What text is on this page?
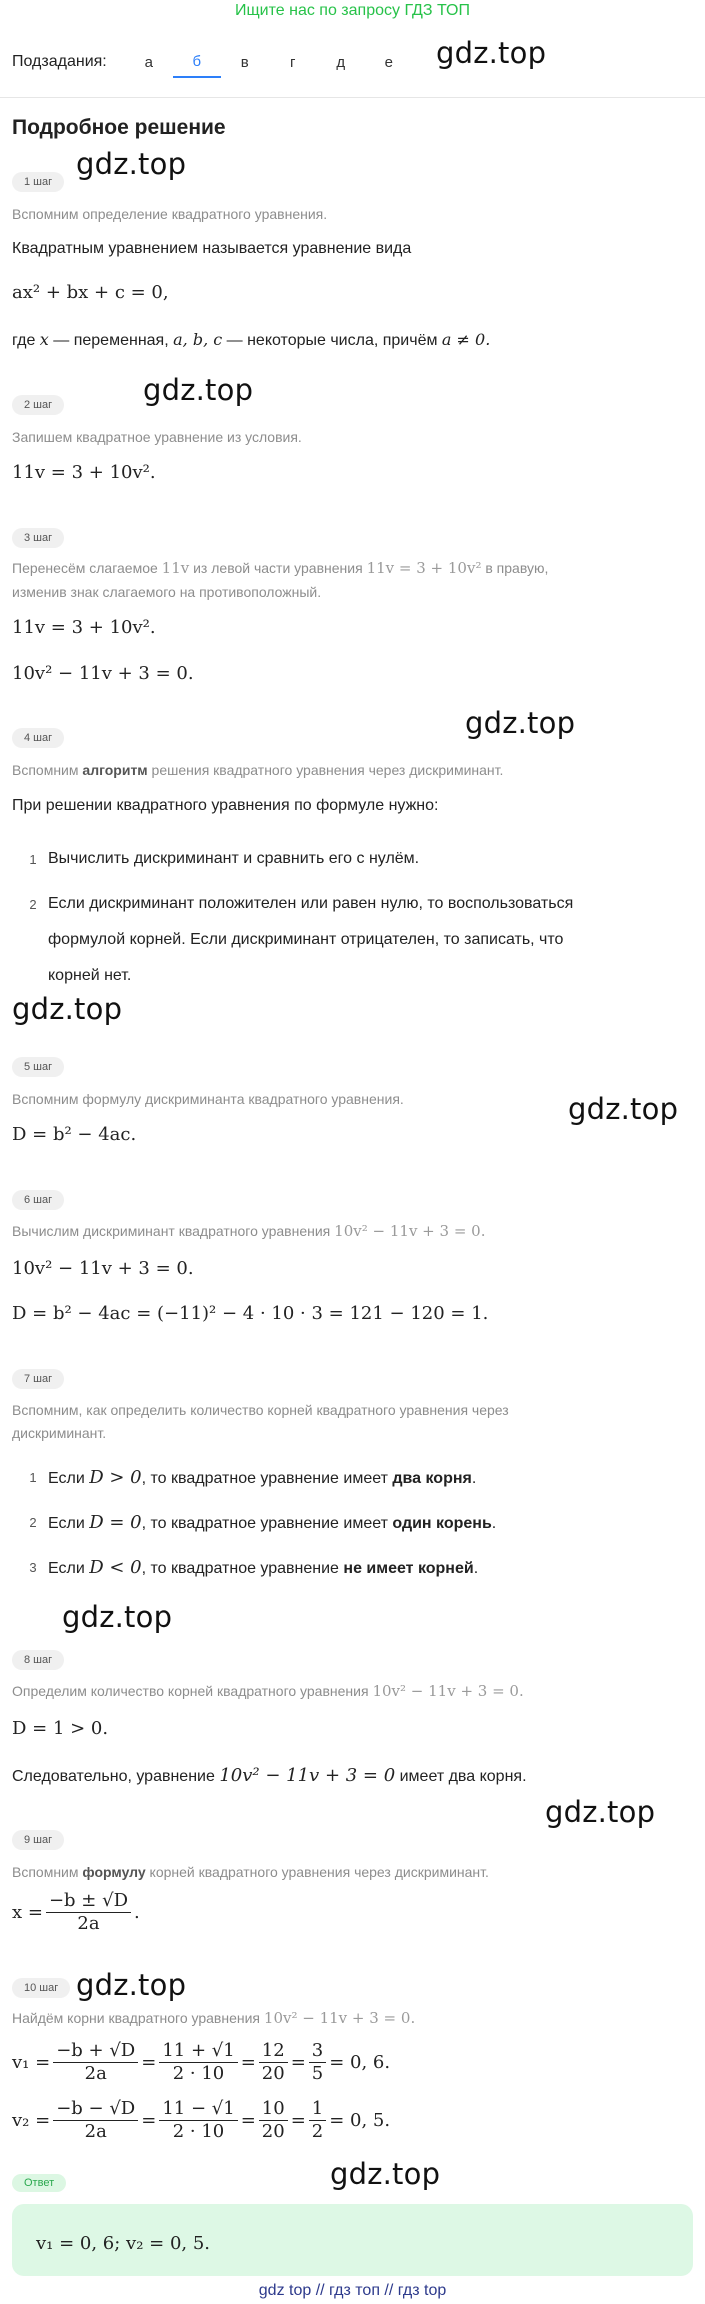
Ищите нас по запросу ГДЗ ТОП
Подзадания:	а	б	в	г	д	е	gdz.top
Подробное решение
1 шаг
gdz.top
Вспомним определение квадратного уравнения.
Квадратным уравнением называется уравнение вида
ax² + bx + c = 0,
где x — переменная, a, b, c — некоторые числа, причём a ≠ 0.
gdz.top
2 шаг
Запишем квадратное уравнение из условия.
11v = 3 + 10v².
3 шаг
Перенесём слагаемое 11v из левой части уравнения 11v = 3 + 10v² в правую,
изменив знак слагаемого на противоположный.
11v = 3 + 10v².
10v² − 11v + 3 = 0.
gdz.top
4 шаг
Вспомним алгоритм решения квадратного уравнения через дискриминант.
При решении квадратного уравнения по формуле нужно:
1 Вычислить дискриминант и сравнить его с нулём.
2 Если дискриминант положителен или равен нулю, то воспользоваться
формулой корней. Если дискриминант отрицателен, то записать, что
корней нет.
gdz.top
5 шаг
Вспомним формулу дискриминанта квадратного уравнения.	gdz.top
D = b² − 4ac.
6 шаг
Вычислим дискриминант квадратного уравнения 10v² − 11v + 3 = 0.
10v² − 11v + 3 = 0.
D = b² − 4ac = (−11)² − 4 · 10 · 3 = 121 − 120 = 1.
7 шаг
Вспомним, как определить количество корней квадратного уравнения через
дискриминант.
1 Если D > 0, то квадратное уравнение имеет два корня.
2 Если D = 0, то квадратное уравнение имеет один корень.
3 Если D < 0, то квадратное уравнение не имеет корней.
gdz.top
8 шаг
Определим количество корней квадратного уравнения 10v² − 11v + 3 = 0.
D = 1 > 0.
Следовательно, уравнение 10v² − 11v + 3 = 0 имеет два корня.
gdz.top
9 шаг
Вспомним формулу корней квадратного уравнения через дискриминант.
$x = \frac{-b \pm √D}{2a}$ .
10 шаг gdz.top
Найдём корни квадратного уравнения 10v² − 11v + 3 = 0.
$v_1 = \frac{-b + √D}{2a} = \frac{11 + √1}{2 \cdot 10} = \frac{12}{20} = \frac{3}{5} = 0$, 6.
$v_2 = \frac{-b - √D}{2a} = \frac{11 - √1}{2 \cdot 10} = \frac{10}{20} = \frac{1}{2} = 0$, 5.
gdz.top
Ответ
v₁ = 0, 6; v₂ = 0, 5.
gdz top // гдз топ // гдз top
